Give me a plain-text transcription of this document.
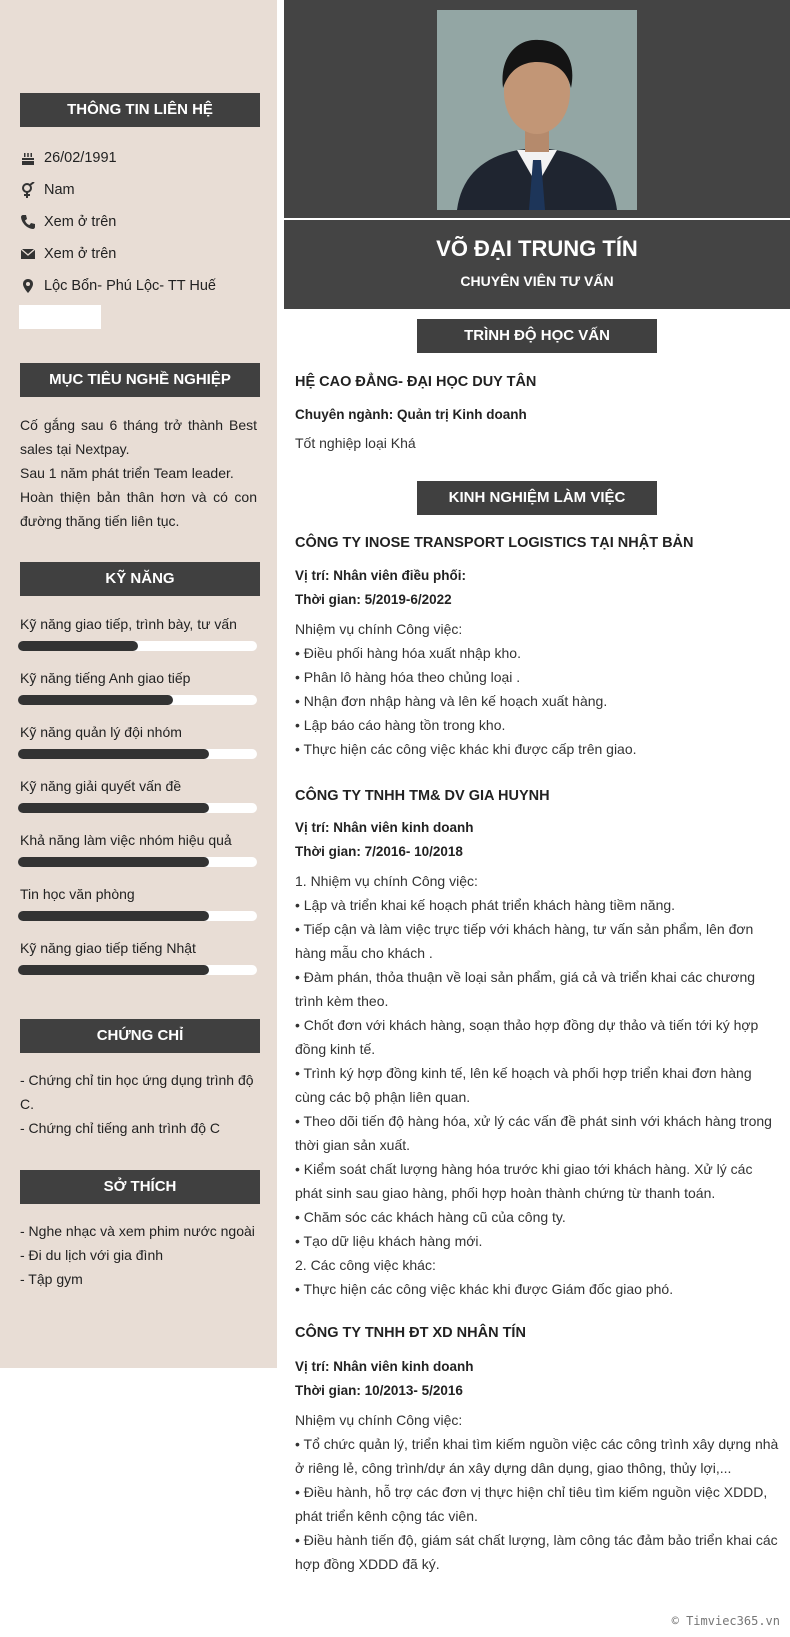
THÔNG TIN LIÊN HỆ
26/02/1991
Nam
Xem ở trên
Xem ở trên
Lộc Bổn- Phú Lộc- TT Huế
MỤC TIÊU NGHỀ NGHIỆP
Cố gắng sau 6 tháng trở thành Best sales tại Nextpay.
Sau 1 năm phát triển Team leader.
Hoàn thiện bản thân hơn và có con đường thăng tiến liên tục.
KỸ NĂNG
Kỹ năng giao tiếp, trình bày, tư vấn
Kỹ năng tiếng Anh giao tiếp
Kỹ năng quản lý đội nhóm
Kỹ năng giải quyết vấn đề
Khả năng làm việc nhóm hiệu quả
Tin học văn phòng
Kỹ năng giao tiếp tiếng Nhật
CHỨNG CHỈ
- Chứng chỉ tin học ứng dụng trình độ C.
- Chứng chỉ tiếng anh trình độ C
SỞ THÍCH
- Nghe nhạc và xem phim nước ngoài
- Đi du lịch với gia đình
- Tập gym
VÕ ĐẠI TRUNG TÍN
CHUYÊN VIÊN TƯ VẤN
TRÌNH ĐỘ HỌC VẤN
HỆ CAO ĐẲNG- ĐẠI HỌC DUY TÂN
Chuyên ngành: Quản trị Kinh doanh
Tốt nghiệp loại Khá
KINH NGHIỆM LÀM VIỆC
CÔNG TY INOSE TRANSPORT LOGISTICS TẠI NHẬT BẢN
Vị trí: Nhân viên điều phối:
Thời gian: 5/2019-6/2022
Nhiệm vụ chính Công việc:
• Điều phối hàng hóa xuất nhập kho.
• Phân lô hàng hóa theo chủng loại .
• Nhận đơn nhập hàng và lên kế hoạch xuất hàng.
• Lập báo cáo hàng tồn trong kho.
• Thực hiện các công việc khác khi được cấp trên giao.
CÔNG TY TNHH TM& DV GIA HUYNH
Vị trí: Nhân viên kinh doanh
Thời gian: 7/2016- 10/2018
1. Nhiệm vụ chính Công việc:
• Lập và triển khai kế hoạch phát triển khách hàng tiềm năng.
• Tiếp cận và làm việc trực tiếp với khách hàng, tư vấn sản phẩm, lên đơn hàng mẫu cho khách .
• Đàm phán, thỏa thuận về loại sản phẩm, giá cả và triển khai các chương trình kèm theo.
• Chốt đơn với khách hàng, soạn thảo hợp đồng dự thảo và tiến tới ký hợp đồng kinh tế.
• Trình ký hợp đồng kinh tế, lên kế hoạch và phối hợp triển khai đơn hàng cùng các bộ phận liên quan.
• Theo dõi tiến độ hàng hóa, xử lý các vấn đề phát sinh với khách hàng trong thời gian sản xuất.
• Kiểm soát chất lượng hàng hóa trước khi giao tới khách hàng. Xử lý các phát sinh sau giao hàng, phối hợp hoàn thành chứng từ thanh toán.
• Chăm sóc các khách hàng cũ của công ty.
• Tạo dữ liệu khách hàng mới.
2. Các công việc khác:
• Thực hiện các công việc khác khi được Giám đốc giao phó.
CÔNG TY TNHH ĐT XD NHÂN TÍN
Vị trí: Nhân viên kinh doanh
Thời gian: 10/2013- 5/2016
Nhiệm vụ chính Công việc:
• Tổ chức quản lý, triển khai tìm kiếm nguồn việc các công trình xây dựng nhà ở riêng lẻ, công trình/dự án xây dựng dân dụng, giao thông, thủy lợi,...
• Điều hành, hỗ trợ các đơn vị thực hiện chỉ tiêu tìm kiếm nguồn việc XDDD, phát triển kênh cộng tác viên.
• Điều hành tiến độ, giám sát chất lượng, làm công tác đảm bảo triển khai các hợp đồng XDDD đã ký.
© Timviec365.vn
